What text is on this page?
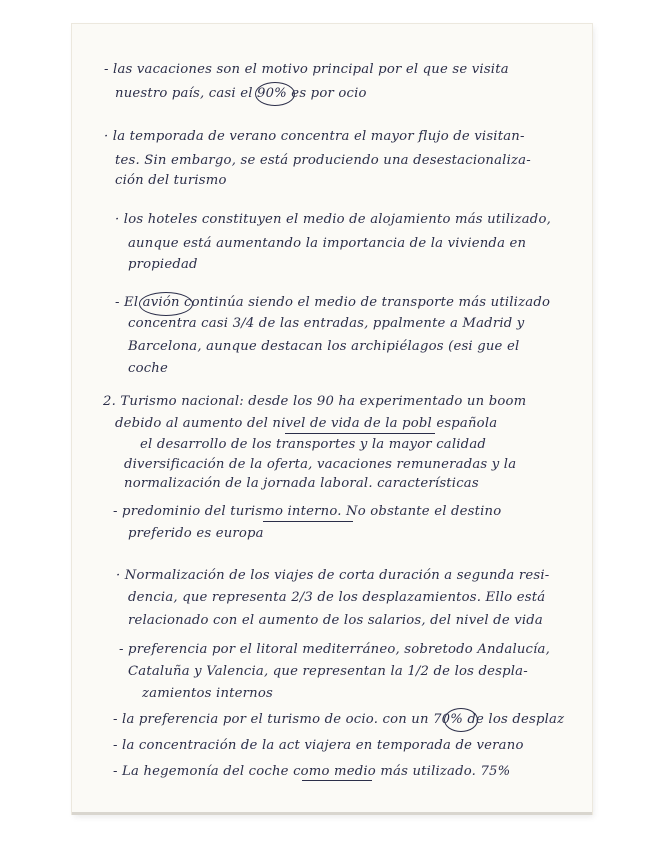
- las vacaciones son el motivo principal por el que se visita
nuestro país, casi el 90% es por ocio
· la temporada de verano concentra el mayor flujo de visitan-
tes. Sin embargo, se está produciendo una desestacionaliza-
ción del turismo
· los hoteles constituyen el medio de alojamiento más utilizado,
aunque está aumentando la importancia de la vivienda en
propiedad
- El avión continúa siendo el medio de transporte más utilizado
concentra casi 3/4 de las entradas, ppalmente a Madrid y
Barcelona, aunque destacan los archipiélagos (esi gue el
coche
2. Turismo nacional: desde los 90 ha experimentado un boom
debido al aumento del nivel de vida de la pobl española
el desarrollo de los transportes y la mayor calidad
diversificación de la oferta, vacaciones remuneradas y la
normalización de la jornada laboral. características
- predominio del turismo interno. No obstante el destino
preferido es europa
· Normalización de los viajes de corta duración a segunda resi-
dencia, que representa 2/3 de los desplazamientos. Ello está
relacionado con el aumento de los salarios, del nivel de vida
- preferencia por el litoral mediterráneo, sobretodo Andalucía,
Cataluña y Valencia, que representan la 1/2 de los despla-
zamientos internos
- la preferencia por el turismo de ocio. con un 70% de los desplaz
- la concentración de la act viajera en temporada de verano
- La hegemonía del coche como medio más utilizado. 75%
